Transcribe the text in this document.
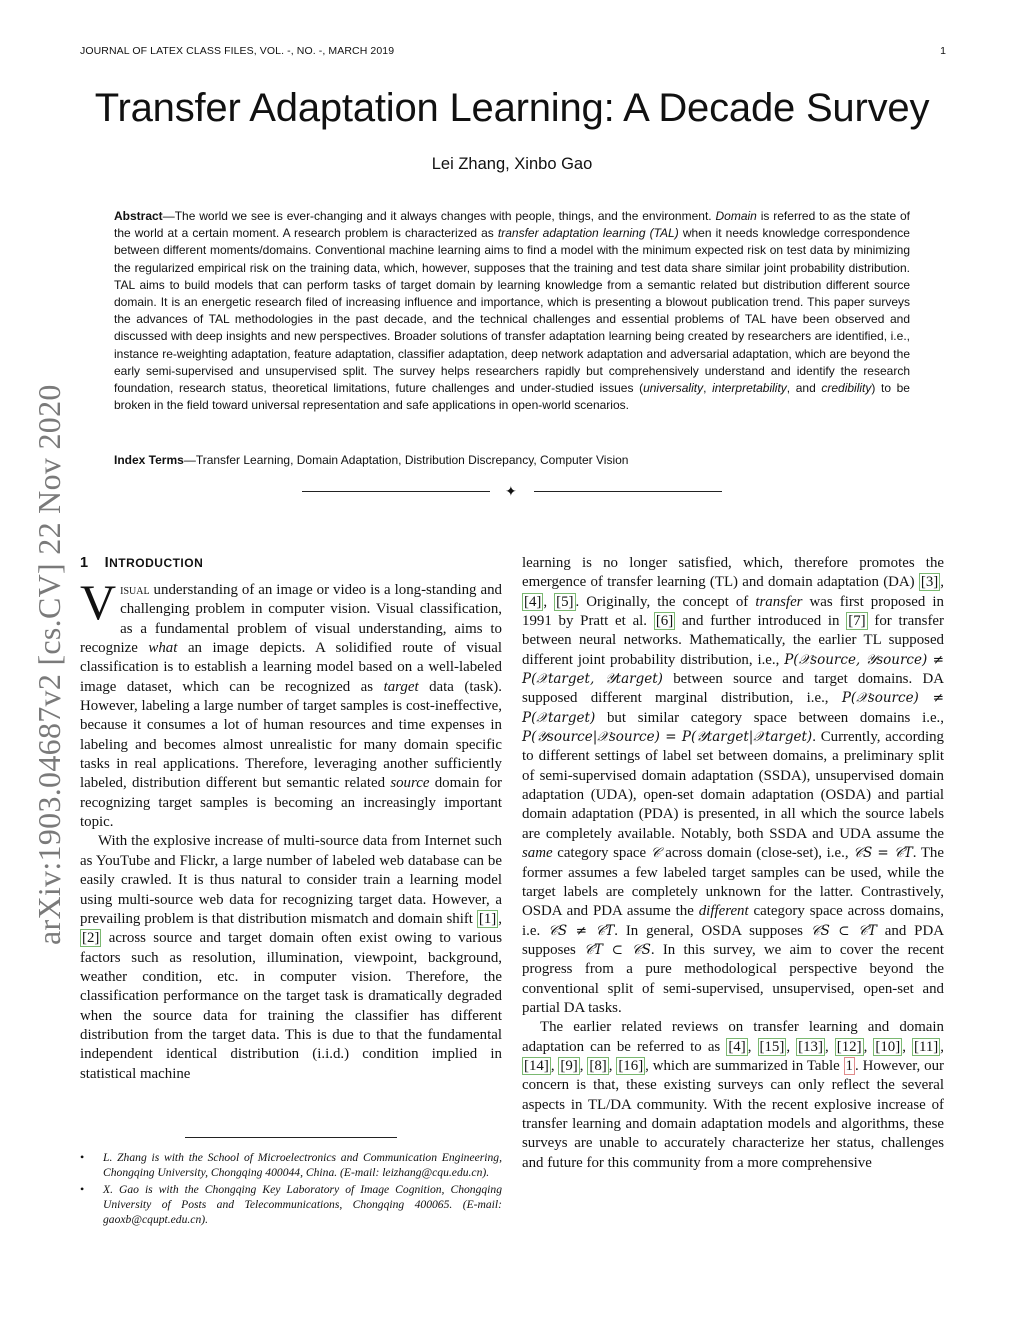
JOURNAL OF LATEX CLASS FILES, VOL. -, NO. -, MARCH 2019	1
Transfer Adaptation Learning: A Decade Survey
Lei Zhang, Xinbo Gao
arXiv:1903.04687v2 [cs.CV] 22 Nov 2020
Abstract—The world we see is ever-changing and it always changes with people, things, and the environment. Domain is referred to as the state of the world at a certain moment. A research problem is characterized as transfer adaptation learning (TAL) when it needs knowledge correspondence between different moments/domains. Conventional machine learning aims to find a model with the minimum expected risk on test data by minimizing the regularized empirical risk on the training data, which, however, supposes that the training and test data share similar joint probability distribution. TAL aims to build models that can perform tasks of target domain by learning knowledge from a semantic related but distribution different source domain. It is an energetic research filed of increasing influence and importance, which is presenting a blowout publication trend. This paper surveys the advances of TAL methodologies in the past decade, and the technical challenges and essential problems of TAL have been observed and discussed with deep insights and new perspectives. Broader solutions of transfer adaptation learning being created by researchers are identified, i.e., instance re-weighting adaptation, feature adaptation, classifier adaptation, deep network adaptation and adversarial adaptation, which are beyond the early semi-supervised and unsupervised split. The survey helps researchers rapidly but comprehensively understand and identify the research foundation, research status, theoretical limitations, future challenges and under-studied issues (universality, interpretability, and credibility) to be broken in the field toward universal representation and safe applications in open-world scenarios.
Index Terms—Transfer Learning, Domain Adaptation, Distribution Discrepancy, Computer Vision
✦
1 INTRODUCTION

Visual understanding of an image or video is a long-standing and challenging problem in computer vision. Visual classification, as a fundamental problem of visual understanding, aims to recognize what an image depicts. A solidified route of visual classification is to establish a learning model based on a well-labeled image dataset, which can be recognized as target data (task). However, labeling a large number of target samples is cost-ineffective, because it consumes a lot of human resources and time expenses in labeling and becomes almost unrealistic for many domain specific tasks in real applications. Therefore, leveraging another sufficiently labeled, distribution different but semantic related source domain for recognizing target samples is becoming an increasingly important topic.

With the explosive increase of multi-source data from Internet such as YouTube and Flickr, a large number of labeled web database can be easily crawled. It is thus natural to consider train a learning model using multi-source web data for recognizing target data. However, a prevailing problem is that distribution mismatch and domain shift [1] , [2] across source and target domain often exist owing to various factors such as resolution, illumination, viewpoint, background, weather condition, etc. in computer vision. Therefore, the classification performance on the target task is dramatically degraded when the source data for training the classifier has different distribution from the target data. This is due to that the fundamental independent identical distribution (i.i.d.) condition implied in statistical machine

• L. Zhang is with the School of Microelectronics and Communication Engineering, Chongqing University, Chongqing 400044, China. (E-mail: leizhang@cqu.edu.cn).
• X. Gao is with the Chongqing Key Laboratory of Image Cognition, Chongqing University of Posts and Telecommunications, Chongqing 400065. (E-mail: gaoxb@cqupt.edu.cn).

learning is no longer satisfied, which, therefore promotes the emergence of transfer learning (TL) and domain adaptation (DA) [3] , [4] , [5] . Originally, the concept of transfer was first proposed in 1991 by Pratt et al. [6] and further introduced in [7] for transfer between neural networks. Mathematically, the earlier TL supposed different joint probability distribution, i.e., P(𝒳source, 𝒴source) ≠ P(𝒳target, 𝒴target) between source and target domains. DA supposed different marginal distribution, i.e., P(𝒳source) ≠ P(𝒳target) but similar category space between domains i.e., P(𝒴source|𝒳source) = P(𝒴target|𝒳target). Currently, according to different settings of label set between domains, a preliminary split of semi-supervised domain adaptation (SSDA), unsupervised domain adaptation (UDA), open-set domain adaptation (OSDA) and partial domain adaptation (PDA) is presented, in all which the source labels are completely available. Notably, both SSDA and UDA assume the same category space 𝒞 across domain (close-set), i.e., 𝒞S = 𝒞T. The former assumes a few labeled target samples can be used, while the target labels are completely unknown for the latter. Contrastively, OSDA and PDA assume the different category space across domains, i.e. 𝒞S ≠ 𝒞T. In general, OSDA supposes 𝒞S ⊂ 𝒞T and PDA supposes 𝒞T ⊂ 𝒞S. In this survey, we aim to cover the recent progress from a pure methodological perspective beyond the conventional split of semi-supervised, unsupervised, open-set and partial DA tasks.

The earlier related reviews on transfer learning and domain adaptation can be referred to as [4] , [15] , [13] , [12] , [10] , [11] , [14] , [9] , [8] , [16] , which are summarized in Table 1 . However, our concern is that, these existing surveys can only reflect the several aspects in TL/DA community. With the recent explosive increase of transfer learning and domain adaptation models and algorithms, these surveys are unable to accurately characterize her status, challenges and future for this community from a more comprehensive
